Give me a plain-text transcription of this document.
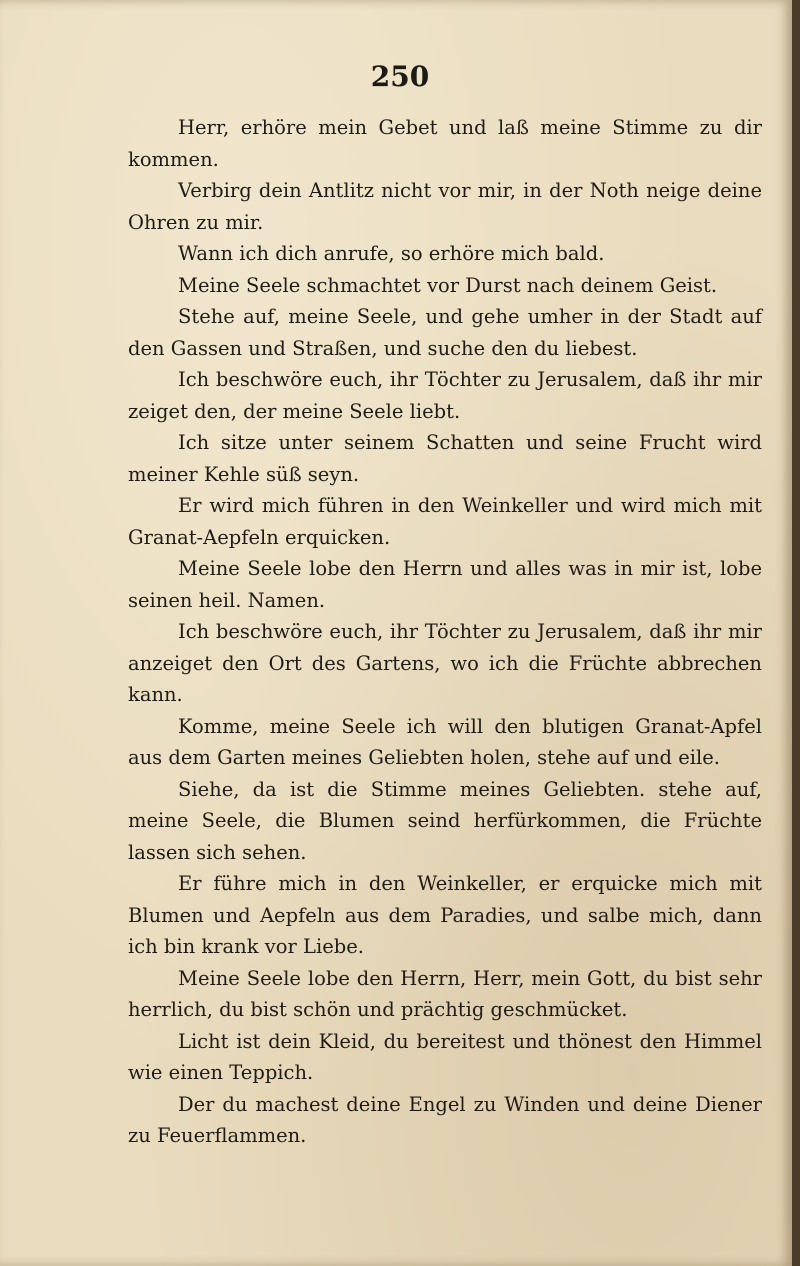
250

Herr, erhöre mein Gebet und laß meine Stimme zu dir kommen.

Verbirg dein Antlitz nicht vor mir, in der Noth neige deine Ohren zu mir.

Wann ich dich anrufe, so erhöre mich bald.

Meine Seele schmachtet vor Durst nach deinem Geist.

Stehe auf, meine Seele, und gehe umher in der Stadt auf den Gassen und Straßen, und suche den du liebest.

Ich beschwöre euch, ihr Töchter zu Jerusalem, daß ihr mir zeiget den, der meine Seele liebt.

Ich sitze unter seinem Schatten und seine Frucht wird meiner Kehle süß seyn.

Er wird mich führen in den Weinkeller und wird mich mit Granat-Aepfeln erquicken.

Meine Seele lobe den Herrn und alles was in mir ist, lobe seinen heil. Namen.

Ich beschwöre euch, ihr Töchter zu Jerusalem, daß ihr mir anzeiget den Ort des Gartens, wo ich die Früchte abbrechen kann.

Komme, meine Seele ich will den blutigen Granat-Apfel aus dem Garten meines Geliebten holen, stehe auf und eile.

Siehe, da ist die Stimme meines Geliebten. stehe auf, meine Seele, die Blumen seind herfürkommen, die Früchte lassen sich sehen.

Er führe mich in den Weinkeller, er erquicke mich mit Blumen und Aepfeln aus dem Paradies, und salbe mich, dann ich bin krank vor Liebe.

Meine Seele lobe den Herrn, Herr, mein Gott, du bist sehr herrlich, du bist schön und prächtig geschmücket.

Licht ist dein Kleid, du bereitest und thönest den Himmel wie einen Teppich.

Der du machest deine Engel zu Winden und deine Diener zu Feuerflammen.
